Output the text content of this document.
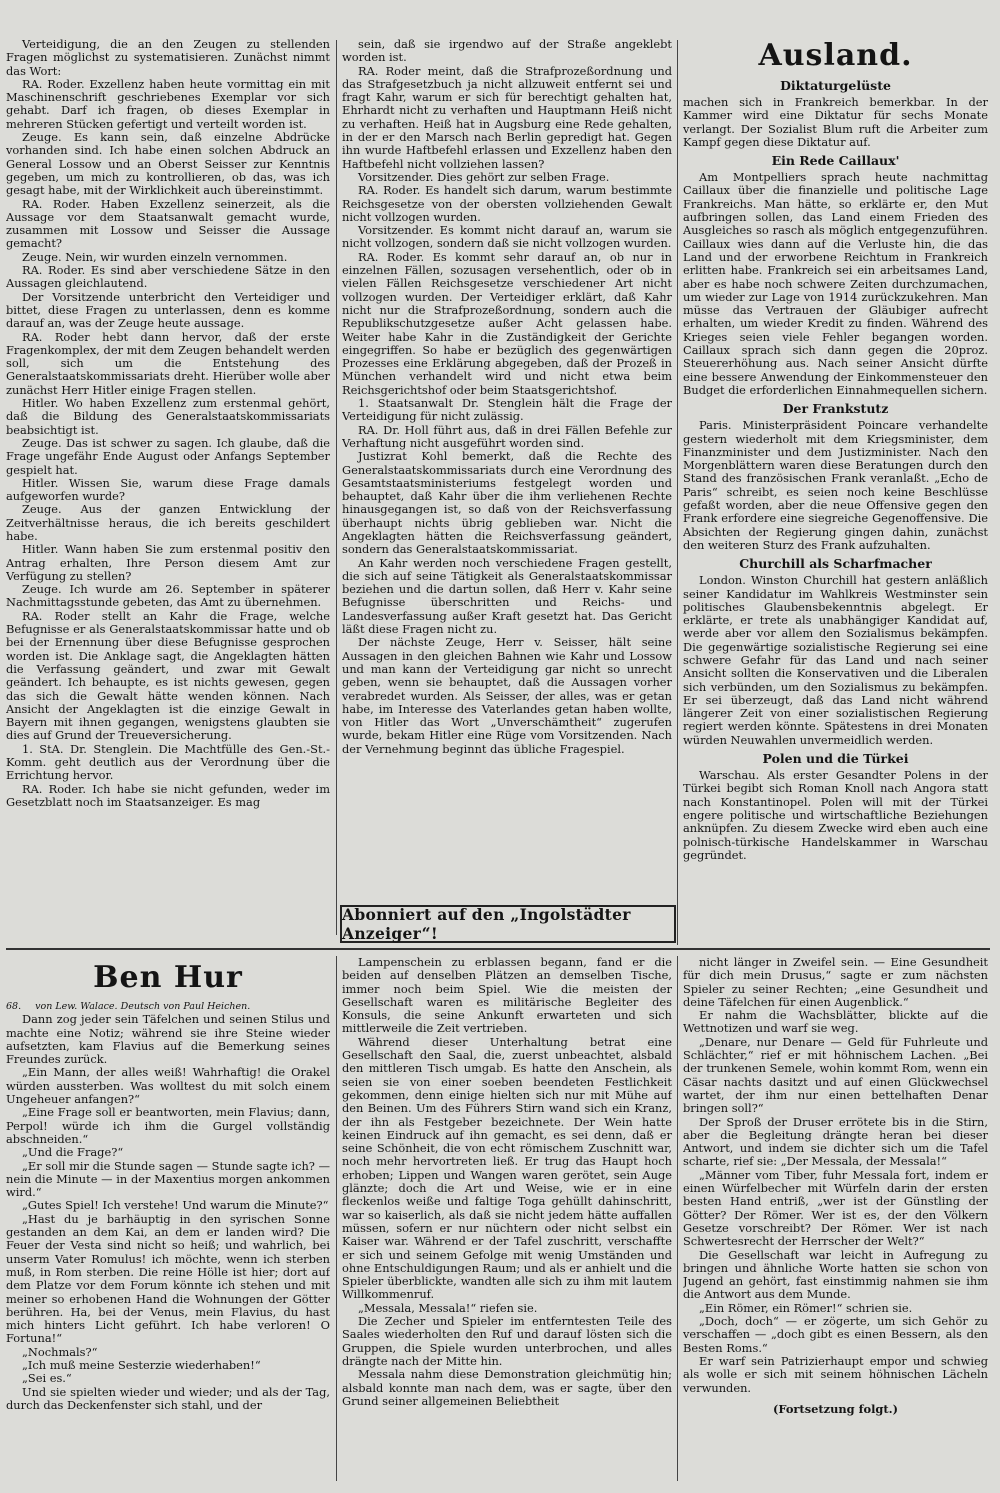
Verteidigung, die an den Zeugen zu stellenden Fragen möglichst zu systematisieren. Zunächst nimmt das Wort:

RA. Roder. Exzellenz haben heute vormittag ein mit Maschinenschrift geschriebenes Exemplar vor sich gehabt. Darf ich fragen, ob dieses Exemplar in mehreren Stücken gefertigt und verteilt worden ist.

Zeuge. Es kann sein, daß einzelne Abdrücke vorhanden sind. Ich habe einen solchen Abdruck an General Lossow und an Oberst Seisser zur Kenntnis gegeben, um mich zu kontrollieren, ob das, was ich gesagt habe, mit der Wirklichkeit auch übereinstimmt.

RA. Roder. Haben Exzellenz seinerzeit, als die Aussage vor dem Staatsanwalt gemacht wurde, zusammen mit Lossow und Seisser die Aussage gemacht?

Zeuge. Nein, wir wurden einzeln vernommen.

RA. Roder. Es sind aber verschiedene Sätze in den Aussagen gleichlautend.

Der Vorsitzende unterbricht den Verteidiger und bittet, diese Fragen zu unterlassen, denn es komme darauf an, was der Zeuge heute aussage.

RA. Roder hebt dann hervor, daß der erste Fragenkomplex, der mit dem Zeugen behandelt werden soll, sich um die Entstehung des Generalstaatskommissariats dreht. Hierüber wolle aber zunächst Herr Hitler einige Fragen stellen.

Hitler. Wo haben Exzellenz zum erstenmal gehört, daß die Bildung des Generalstaatskommissariats beabsichtigt ist.

Zeuge. Das ist schwer zu sagen. Ich glaube, daß die Frage ungefähr Ende August oder Anfangs September gespielt hat.

Hitler. Wissen Sie, warum diese Frage damals aufgeworfen wurde?

Zeuge. Aus der ganzen Entwicklung der Zeitverhältnisse heraus, die ich bereits geschildert habe.

Hitler. Wann haben Sie zum erstenmal positiv den Antrag erhalten, Ihre Person diesem Amt zur Verfügung zu stellen?

Zeuge. Ich wurde am 26. September in späterer Nachmittagsstunde gebeten, das Amt zu übernehmen.

RA. Roder stellt an Kahr die Frage, welche Befugnisse er als Generalstaatskommissar hatte und ob bei der Ernennung über diese Befugnisse gesprochen worden ist. Die Anklage sagt, die Angeklagten hätten die Verfassung geändert, und zwar mit Gewalt geändert. Ich behaupte, es ist nichts gewesen, gegen das sich die Gewalt hätte wenden können. Nach Ansicht der Angeklagten ist die einzige Gewalt in Bayern mit ihnen gegangen, wenigstens glaubten sie dies auf Grund der Treueversicherung.

1. StA. Dr. Stenglein. Die Machtfülle des Gen.-St.-Komm. geht deutlich aus der Verordnung über die Errichtung hervor.

RA. Roder. Ich habe sie nicht gefunden, weder im Gesetzblatt noch im Staatsanzeiger. Es mag

sein, daß sie irgendwo auf der Straße angeklebt worden ist.

RA. Roder meint, daß die Strafprozeßordnung und das Strafgesetzbuch ja nicht allzuweit entfernt sei und fragt Kahr, warum er sich für berechtigt gehalten hat, Ehrhardt nicht zu verhaften und Hauptmann Heiß nicht zu verhaften. Heiß hat in Augsburg eine Rede gehalten, in der er den Marsch nach Berlin gepredigt hat. Gegen ihn wurde Haftbefehl erlassen und Exzellenz haben den Haftbefehl nicht vollziehen lassen?

Vorsitzender. Dies gehört zur selben Frage.

RA. Roder. Es handelt sich darum, warum bestimmte Reichsgesetze von der obersten vollziehenden Gewalt nicht vollzogen wurden.

Vorsitzender. Es kommt nicht darauf an, warum sie nicht vollzogen, sondern daß sie nicht vollzogen wurden.

RA. Roder. Es kommt sehr darauf an, ob nur in einzelnen Fällen, sozusagen versehentlich, oder ob in vielen Fällen Reichsgesetze verschiedener Art nicht vollzogen wurden. Der Verteidiger erklärt, daß Kahr nicht nur die Strafprozeßordnung, sondern auch die Republikschutzgesetze außer Acht gelassen habe. Weiter habe Kahr in die Zuständigkeit der Gerichte eingegriffen. So habe er bezüglich des gegenwärtigen Prozesses eine Erklärung abgegeben, daß der Prozeß in München verhandelt wird und nicht etwa beim Reichsgerichtshof oder beim Staatsgerichtshof.

1. Staatsanwalt Dr. Stenglein hält die Frage der Verteidigung für nicht zulässig.

RA. Dr. Holl führt aus, daß in drei Fällen Befehle zur Verhaftung nicht ausgeführt worden sind.

Justizrat Kohl bemerkt, daß die Rechte des Generalstaatskommissariats durch eine Verordnung des Gesamtstaatsministeriums festgelegt worden und behauptet, daß Kahr über die ihm verliehenen Rechte hinausgegangen ist, so daß von der Reichsverfassung überhaupt nichts übrig geblieben war. Nicht die Angeklagten hätten die Reichsverfassung geändert, sondern das Generalstaatskommissariat.

An Kahr werden noch verschiedene Fragen gestellt, die sich auf seine Tätigkeit als Generalstaatskommissar beziehen und die dartun sollen, daß Herr v. Kahr seine Befugnisse überschritten und Reichs- und Landesverfassung außer Kraft gesetzt hat. Das Gericht läßt diese Fragen nicht zu.

Der nächste Zeuge, Herr v. Seisser, hält seine Aussagen in den gleichen Bahnen wie Kahr und Lossow und man kann der Verteidigung gar nicht so unrecht geben, wenn sie behauptet, daß die Aussagen vorher verabredet wurden. Als Seisser, der alles, was er getan habe, im Interesse des Vaterlandes getan haben wollte, von Hitler das Wort „Unverschämtheit“ zugerufen wurde, bekam Hitler eine Rüge vom Vorsitzenden. Nach der Vernehmung beginnt das übliche Fragespiel.

Abonniert auf den „Ingolstädter Anzeiger“!
Ausland.
Diktaturgelüste

machen sich in Frankreich bemerkbar. In der Kammer wird eine Diktatur für sechs Monate verlangt. Der Sozialist Blum ruft die Arbeiter zum Kampf gegen diese Diktatur auf.

Ein Rede Caillaux'

Am Montpelliers sprach heute nachmittag Caillaux über die finanzielle und politische Lage Frankreichs. Man hätte, so erklärte er, den Mut aufbringen sollen, das Land einem Frieden des Ausgleiches so rasch als möglich entgegenzuführen. Caillaux wies dann auf die Verluste hin, die das Land und der erworbene Reichtum in Frankreich erlitten habe. Frankreich sei ein arbeitsames Land, aber es habe noch schwere Zeiten durchzumachen, um wieder zur Lage von 1914 zurückzukehren. Man müsse das Vertrauen der Gläubiger aufrecht erhalten, um wieder Kredit zu finden. Während des Krieges seien viele Fehler begangen worden. Caillaux sprach sich dann gegen die 20proz. Steuererhöhung aus. Nach seiner Ansicht dürfte eine bessere Anwendung der Einkommensteuer den Budget die erforderlichen Einnahmequellen sichern.

Der Frankstutz

Paris. Ministerpräsident Poincare verhandelte gestern wiederholt mit dem Kriegsminister, dem Finanzminister und dem Justizminister. Nach den Morgenblättern waren diese Beratungen durch den Stand des französischen Frank veranlaßt. „Echo de Paris“ schreibt, es seien noch keine Beschlüsse gefaßt worden, aber die neue Offensive gegen den Frank erfordere eine siegreiche Gegenoffensive. Die Absichten der Regierung gingen dahin, zunächst den weiteren Sturz des Frank aufzuhalten.

Churchill als Scharfmacher

London. Winston Churchill hat gestern anläßlich seiner Kandidatur im Wahlkreis Westminster sein politisches Glaubensbekenntnis abgelegt. Er erklärte, er trete als unabhängiger Kandidat auf, werde aber vor allem den Sozialismus bekämpfen. Die gegenwärtige sozialistische Regierung sei eine schwere Gefahr für das Land und nach seiner Ansicht sollten die Konservativen und die Liberalen sich verbünden, um den Sozialismus zu bekämpfen. Er sei überzeugt, daß das Land nicht während längerer Zeit von einer sozialistischen Regierung regiert werden könnte. Spätestens in drei Monaten würden Neuwahlen unvermeidlich werden.

Polen und die Türkei

Warschau. Als erster Gesandter Polens in der Türkei begibt sich Roman Knoll nach Angora statt nach Konstantinopel. Polen will mit der Türkei engere politische und wirtschaftliche Beziehungen anknüpfen. Zu diesem Zwecke wird eben auch eine polnisch-türkische Handelskammer in Warschau gegründet.

Ben Hur

68. von Lew. Walace. Deutsch von Paul Heichen.

Dann zog jeder sein Täfelchen und seinen Stilus und machte eine Notiz; während sie ihre Steine wieder aufsetzten, kam Flavius auf die Bemerkung seines Freundes zurück.

„Ein Mann, der alles weiß! Wahrhaftig! die Orakel würden aussterben. Was wolltest du mit solch einem Ungeheuer anfangen?“

„Eine Frage soll er beantworten, mein Flavius; dann, Perpol! würde ich ihm die Gurgel vollständig abschneiden.“

„Und die Frage?“

„Er soll mir die Stunde sagen — Stunde sagte ich? — nein die Minute — in der Maxentius morgen ankommen wird.“

„Gutes Spiel! Ich verstehe! Und warum die Minute?“

„Hast du je barhäuptig in den syrischen Sonne gestanden an dem Kai, an dem er landen wird? Die Feuer der Vesta sind nicht so heiß; und wahrlich, bei unserm Vater Romulus! ich möchte, wenn ich sterben muß, in Rom sterben. Die reine Hölle ist hier; dort auf dem Platze vor dem Forum könnte ich stehen und mit meiner so erhobenen Hand die Wohnungen der Götter berühren. Ha, bei der Venus, mein Flavius, du hast mich hinters Licht geführt. Ich habe verloren! O Fortuna!“

„Nochmals?“

„Ich muß meine Sesterzie wiederhaben!“

„Sei es.“

Und sie spielten wieder und wieder; und als der Tag, durch das Deckenfenster sich stahl, und der

Lampenschein zu erblassen begann, fand er die beiden auf denselben Plätzen an demselben Tische, immer noch beim Spiel. Wie die meisten der Gesellschaft waren es militärische Begleiter des Konsuls, die seine Ankunft erwarteten und sich mittlerweile die Zeit vertrieben.

Während dieser Unterhaltung betrat eine Gesellschaft den Saal, die, zuerst unbeachtet, alsbald den mittleren Tisch umgab. Es hatte den Anschein, als seien sie von einer soeben beendeten Festlichkeit gekommen, denn einige hielten sich nur mit Mühe auf den Beinen. Um des Führers Stirn wand sich ein Kranz, der ihn als Festgeber bezeichnete. Der Wein hatte keinen Eindruck auf ihn gemacht, es sei denn, daß er seine Schönheit, die von echt römischem Zuschnitt war, noch mehr hervortreten ließ. Er trug das Haupt hoch erhoben; Lippen und Wangen waren gerötet, sein Auge glänzte; doch die Art und Weise, wie er in eine fleckenlos weiße und faltige Toga gehüllt dahinschritt, war so kaiserlich, als daß sie nicht jedem hätte auffallen müssen, sofern er nur nüchtern oder nicht selbst ein Kaiser war. Während er der Tafel zuschritt, verschaffte er sich und seinem Gefolge mit wenig Umständen und ohne Entschuldigungen Raum; und als er anhielt und die Spieler überblickte, wandten alle sich zu ihm mit lautem Willkommenruf.

„Messala, Messala!“ riefen sie.

Die Zecher und Spieler im entferntesten Teile des Saales wiederholten den Ruf und darauf lösten sich die Gruppen, die Spiele wurden unterbrochen, und alles drängte nach der Mitte hin.

Messala nahm diese Demonstration gleichmütig hin; alsbald konnte man nach dem, was er sagte, über den Grund seiner allgemeinen Beliebtheit

nicht länger in Zweifel sein. — Eine Gesundheit für dich mein Drusus,“ sagte er zum nächsten Spieler zu seiner Rechten; „eine Gesundheit und deine Täfelchen für einen Augenblick.“

Er nahm die Wachsblätter, blickte auf die Wettnotizen und warf sie weg.

„Denare, nur Denare — Geld für Fuhrleute und Schlächter,“ rief er mit höhnischem Lachen. „Bei der trunkenen Semele, wohin kommt Rom, wenn ein Cäsar nachts dasitzt und auf einen Glückwechsel wartet, der ihm nur einen bettelhaften Denar bringen soll?“

Der Sproß der Druser errötete bis in die Stirn, aber die Begleitung drängte heran bei dieser Antwort, und indem sie dichter sich um die Tafel scharte, rief sie: „Der Messala, der Messala!“

„Männer vom Tiber, fuhr Messala fort, indem er einen Würfelbecher mit Würfeln darin der ersten besten Hand entriß, „wer ist der Günstling der Götter? Der Römer. Wer ist es, der den Völkern Gesetze vorschreibt? Der Römer. Wer ist nach Schwertesrecht der Herrscher der Welt?“

Die Gesellschaft war leicht in Aufregung zu bringen und ähnliche Worte hatten sie schon von Jugend an gehört, fast einstimmig nahmen sie ihm die Antwort aus dem Munde.

„Ein Römer, ein Römer!“ schrien sie.

„Doch, doch“ — er zögerte, um sich Gehör zu verschaffen — „doch gibt es einen Bessern, als den Besten Roms.“

Er warf sein Patrizierhaupt empor und schwieg als wolle er sich mit seinem höhnischen Lächeln verwunden.

(Fortsetzung folgt.)
